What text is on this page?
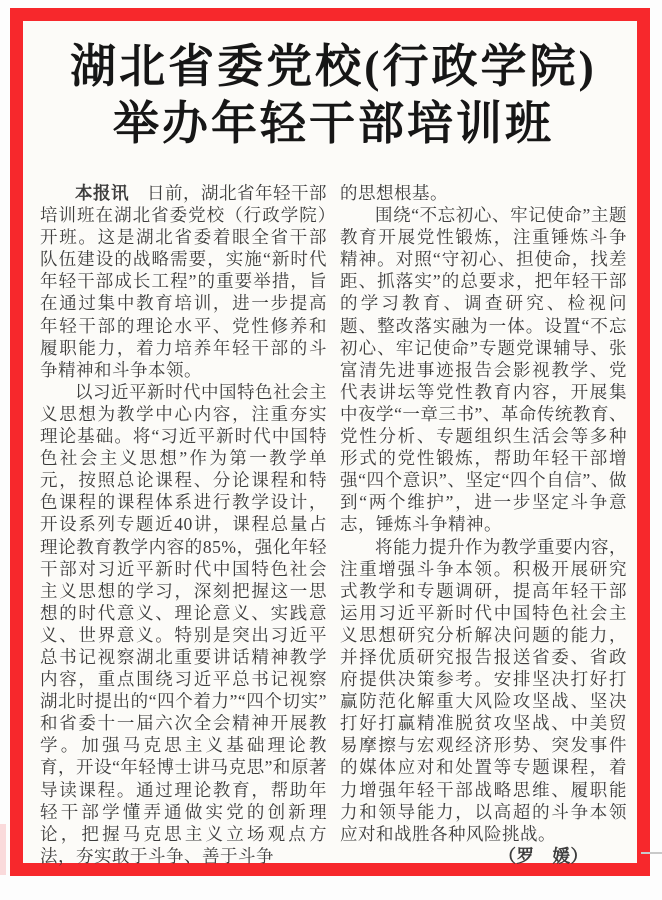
湖北省委党校(行政学院)
举办年轻干部培训班

本报讯　日前，湖北省年轻干部培训班在湖北省委党校（行政学院）开班。这是湖北省委着眼全省干部队伍建设的战略需要，实施“新时代年轻干部成长工程”的重要举措，旨在通过集中教育培训，进一步提高年轻干部的理论水平、党性修养和履职能力，着力培养年轻干部的斗争精神和斗争本领。

以习近平新时代中国特色社会主义思想为教学中心内容，注重夯实理论基础。将“习近平新时代中国特色社会主义思想”作为第一教学单元，按照总论课程、分论课程和特色课程的课程体系进行教学设计，开设系列专题近40讲，课程总量占理论教育教学内容的85%，强化年轻干部对习近平新时代中国特色社会主义思想的学习，深刻把握这一思想的时代意义、理论意义、实践意义、世界意义。特别是突出习近平总书记视察湖北重要讲话精神教学内容，重点围绕习近平总书记视察湖北时提出的“四个着力”“四个切实”和省委十一届六次全会精神开展教学。加强马克思主义基础理论教育，开设“年轻博士讲马克思”和原著导读课程。通过理论教育，帮助年轻干部学懂弄通做实党的创新理论，把握马克思主义立场观点方法，夯实敢于斗争、善于斗争

的思想根基。

围绕“不忘初心、牢记使命”主题教育开展党性锻炼，注重锤炼斗争精神。对照“守初心、担使命，找差距、抓落实”的总要求，把年轻干部的学习教育、调查研究、检视问题、整改落实融为一体。设置“不忘初心、牢记使命”专题党课辅导、张富清先进事迹报告会影视教学、党代表讲坛等党性教育内容，开展集中夜学“一章三书”、革命传统教育、党性分析、专题组织生活会等多种形式的党性锻炼，帮助年轻干部增强“四个意识”、坚定“四个自信”、做到“两个维护”，进一步坚定斗争意志，锤炼斗争精神。

将能力提升作为教学重要内容，注重增强斗争本领。积极开展研究式教学和专题调研，提高年轻干部运用习近平新时代中国特色社会主义思想研究分析解决问题的能力，并择优质研究报告报送省委、省政府提供决策参考。安排坚决打好打赢防范化解重大风险攻坚战、坚决打好打赢精准脱贫攻坚战、中美贸易摩擦与宏观经济形势、突发事件的媒体应对和处置等专题课程，着力增强年轻干部战略思维、履职能力和领导能力，以高超的斗争本领应对和战胜各种风险挑战。

（罗　媛）
